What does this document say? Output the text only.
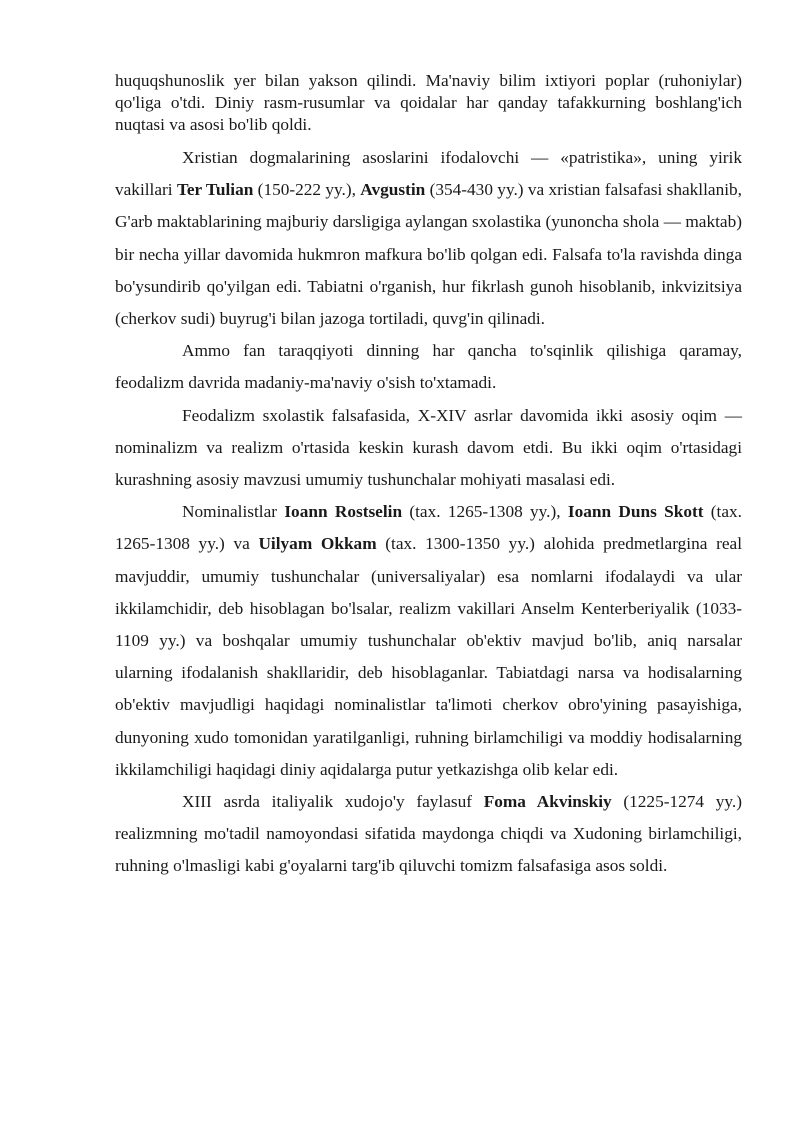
huquqshunoslik yer bilan yakson qilindi. Ma'naviy bilim ixtiyori poplar (ruhoniylar) qo'liga o'tdi. Diniy rasm-rusumlar va qoidalar har qanday tafakkurning boshlang'ich nuqtasi va asosi bo'lib qoldi.

Xristian dogmalarining asoslarini ifodalovchi — «patristika», uning yirik vakillari Ter Tulian (150-222 yy.), Avgustin (354-430 yy.) va xristian falsafasi shakllanib, G'arb maktablarining majburiy darsligiga aylangan sxolastika (yunoncha shola — maktab) bir necha yillar davomida hukmron mafkura bo'lib qolgan edi. Falsafa to'la ravishda dinga bo'ysundirib qo'yilgan edi. Tabiatni o'rganish, hur fikrlash gunoh hisoblanib, inkvizitsiya (cherkov sudi) buyrug'i bilan jazoga tortiladi, quvg'in qilinadi.

Ammo fan taraqqiyoti dinning har qancha to'sqinlik qilishiga qaramay, feodalizm davrida madaniy-ma'naviy o'sish to'xtamadi.

Feodalizm sxolastik falsafasida, X-XIV asrlar davomida ikki asosiy oqim — nominalizm va realizm o'rtasida keskin kurash davom etdi. Bu ikki oqim o'rtasidagi kurashning asosiy mavzusi umumiy tushunchalar mohiyati masalasi edi.

Nominalistlar Ioann Rostselin (tax. 1265-1308 yy.), Ioann Duns Skott (tax. 1265-1308 yy.) va Uilyam Okkam (tax. 1300-1350 yy.) alohida predmetlargina real mavjuddir, umumiy tushunchalar (universaliyalar) esa nomlarni ifodalaydi va ular ikkilamchidir, deb hisoblagan bo'lsalar, realizm vakillari Anselm Kenterberiyalik (1033-1109 yy.) va boshqalar umumiy tushunchalar ob'ektiv mavjud bo'lib, aniq narsalar ularning ifodalanish shakllaridir, deb hisoblaganlar. Tabiatdagi narsa va hodisalarning ob'ektiv mavjudligi haqidagi nominalistlar ta'limoti cherkov obro'yining pasayishiga, dunyoning xudo tomonidan yaratilganligi, ruhning birlamchiligi va moddiy hodisalarning ikkilamchiligi haqidagi diniy aqidalarga putur yetkazishga olib kelar edi.

XIII asrda italiyalik xudojo'y faylasuf Foma Akvinskiy (1225-1274 yy.) realizmning mo'tadil namoyondasi sifatida maydonga chiqdi va Xudoning birlamchiligi, ruhning o'lmasligi kabi g'oyalarni targ'ib qiluvchi tomizm falsafasiga asos soldi.
